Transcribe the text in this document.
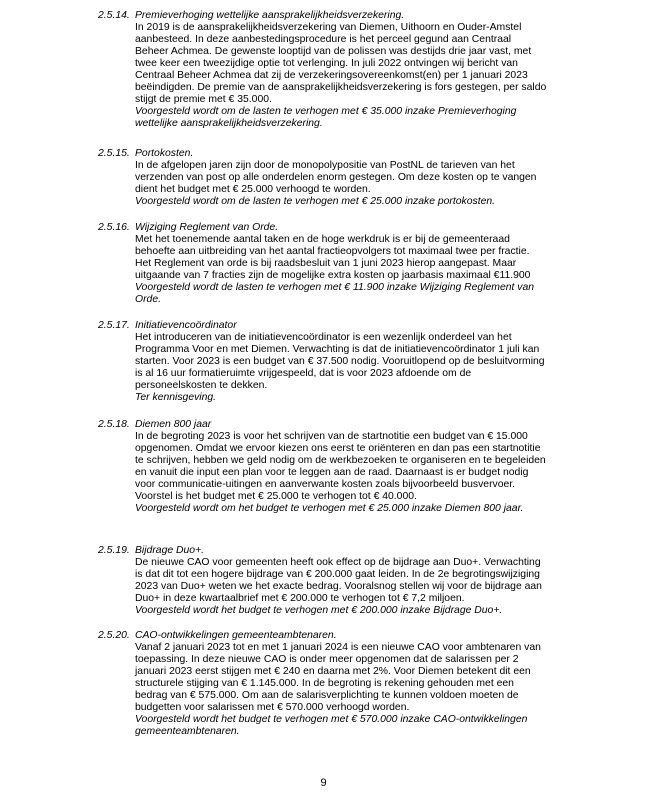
2.5.14. Premieverhoging wettelijke aansprakelijkheidsverzekering.
In 2019 is de aansprakelijkheidsverzekering van Diemen, Uithoorn en Ouder-Amstel
aanbesteed. In deze aanbestedingsprocedure is het perceel gegund aan Centraal
Beheer Achmea. De gewenste looptijd van de polissen was destijds drie jaar vast, met
twee keer een tweezijdige optie tot verlenging. In juli 2022 ontvingen wij bericht van
Centraal Beheer Achmea dat zij de verzekeringsovereenkomst(en) per 1 januari 2023
beëindigden. De premie van de aansprakelijkheidsverzekering is fors gestegen, per saldo
stijgt de premie met € 35.000.
Voorgesteld wordt om de lasten te verhogen met € 35.000 inzake Premieverhoging
wettelijke aansprakelijkheidsverzekering.
2.5.15. Portokosten.
In de afgelopen jaren zijn door de monopolypositie van PostNL de tarieven van het
verzenden van post op alle onderdelen enorm gestegen. Om deze kosten op te vangen
dient het budget met € 25.000 verhoogd te worden.
Voorgesteld wordt om de lasten te verhogen met € 25.000 inzake portokosten.
2.5.16. Wijziging Reglement van Orde.
Met het toenemende aantal taken en de hoge werkdruk is er bij de gemeenteraad
behoefte aan uitbreiding van het aantal fractieopvolgers tot maximaal twee per fractie.
Het Reglement van orde is bij raadsbesluit van 1 juni 2023 hierop aangepast. Maar
uitgaande van 7 fracties zijn de mogelijke extra kosten op jaarbasis maximaal €11.900
Voorgesteld wordt de lasten te verhogen met € 11.900 inzake Wijziging Reglement van
Orde.
2.5.17. Initiatievencoördinator
Het introduceren van de initiatievencoördinator is een wezenlijk onderdeel van het
Programma Voor en met Diemen. Verwachting is dat de initiatievencoördinator 1 juli kan
starten. Voor 2023 is een budget van € 37.500 nodig. Vooruitlopend op de besluitvorming
is al 16 uur formatieruimte vrijgespeeld, dat is voor 2023 afdoende om de
personeelskosten te dekken.
Ter kennisgeving.
2.5.18. Diemen 800 jaar
In de begroting 2023 is voor het schrijven van de startnotitie een budget van € 15.000
opgenomen. Omdat we ervoor kiezen ons eerst te oriënteren en dan pas een startnotitie
te schrijven, hebben we geld nodig om de werkbezoeken te organiseren en te begeleiden
en vanuit die input een plan voor te leggen aan de raad. Daarnaast is er budget nodig
voor communicatie-uitingen en aanverwante kosten zoals bijvoorbeeld busvervoer.
Voorstel is het budget met € 25.000 te verhogen tot € 40.000.
Voorgesteld wordt om het budget te verhogen met € 25.000 inzake Diemen 800 jaar.
2.5.19. Bijdrage Duo+.
De nieuwe CAO voor gemeenten heeft ook effect op de bijdrage aan Duo+. Verwachting
is dat dit tot een hogere bijdrage van € 200.000 gaat leiden. In de 2e begrotingswijziging
2023 van Duo+ weten we het exacte bedrag. Vooralsnog stellen wij voor de bijdrage aan
Duo+ in deze kwartaalbrief met € 200.000 te verhogen tot € 7,2 miljoen.
Voorgesteld wordt het budget te verhogen met € 200.000 inzake Bijdrage Duo+.
2.5.20. CAO-ontwikkelingen gemeenteambtenaren.
Vanaf 2 januari 2023 tot en met 1 januari 2024 is een nieuwe CAO voor ambtenaren van
toepassing. In deze nieuwe CAO is onder meer opgenomen dat de salarissen per 2
januari 2023 eerst stijgen met € 240 en daarna met 2%. Voor Diemen betekent dit een
structurele stijging van € 1.145.000. In de begroting is rekening gehouden met een
bedrag van € 575.000. Om aan de salarisverplichting te kunnen voldoen moeten de
budgetten voor salarissen met € 570.000 verhoogd worden.
Voorgesteld wordt het budget te verhogen met € 570.000 inzake CAO-ontwikkelingen
gemeenteambtenaren.
9
